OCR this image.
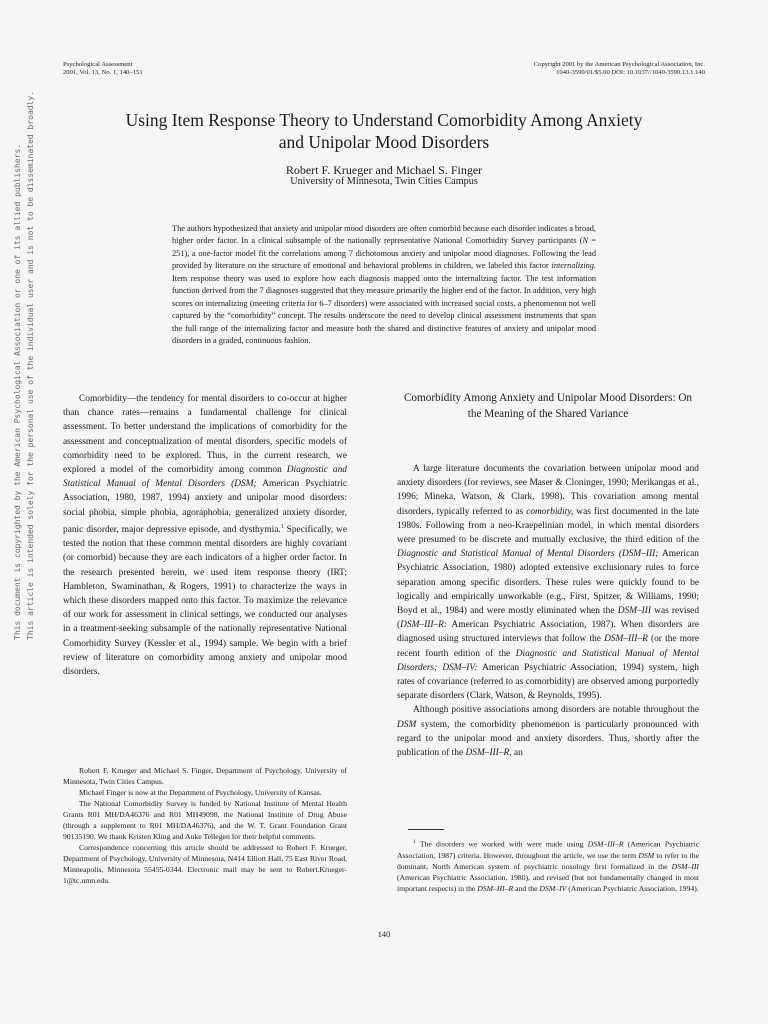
Psychological Assessment
2001, Vol. 13, No. 1, 140–151
Copyright 2001 by the American Psychological Association, Inc.
1040-3590/01/$5.00 DOI: 10.1037//1040-3590.13.1.140
Using Item Response Theory to Understand Comorbidity Among Anxiety and Unipolar Mood Disorders
Robert F. Krueger and Michael S. Finger
University of Minnesota, Twin Cities Campus
The authors hypothesized that anxiety and unipolar mood disorders are often comorbid because each disorder indicates a broad, higher order factor. In a clinical subsample of the nationally representative National Comorbidity Survey participants (N = 251), a one-factor model fit the correlations among 7 dichotomous anxiety and unipolar mood diagnoses. Following the lead provided by literature on the structure of emotional and behavioral problems in children, we labeled this factor internalizing. Item response theory was used to explore how each diagnosis mapped onto the internalizing factor. The test information function derived from the 7 diagnoses suggested that they measure primarily the higher end of the factor. In addition, very high scores on internalizing (meeting criteria for 6–7 disorders) were associated with increased social costs, a phenomenon not well captured by the “comorbidity” concept. The results underscore the need to develop clinical assessment instruments that span the full range of the internalizing factor and measure both the shared and distinctive features of anxiety and unipolar mood disorders in a graded, continuous fashion.
This document is copyrighted by the American Psychological Association or one of its allied publishers. This article is intended solely for the personal use of the individual user and is not to be disseminated broadly.	Comorbidity—the tendency for mental disorders to co-occur at higher than chance rates—remains a fundamental challenge for clinical assessment. To better understand the implications of comorbidity for the assessment and conceptualization of mental disorders, specific models of comorbidity need to be explored. Thus, in the current research, we explored a model of the comorbidity among common Diagnostic and Statistical Manual of Mental Disorders (DSM; American Psychiatric Association, 1980, 1987, 1994) anxiety and unipolar mood disorders: social phobia, simple phobia, agoraphobia, generalized anxiety disorder, panic disorder, major depressive episode, and dysthymia.$^1$ Specifically, we tested the notion that these common mental disorders are highly covariant (or comorbid) because they are each indicators of a higher order factor. In the research presented herein, we used item response theory (IRT; Hambleton, Swaminathan, & Rogers, 1991) to characterize the ways in which these disorders mapped onto this factor. To maximize the relevance of our work for assessment in clinical settings, we conducted our analyses in a treatment-seeking subsample of the nationally representative National Comorbidity Survey (Kessler et al., 1994) sample. We begin with a brief review of literature on comorbidity among anxiety and unipolar mood disorders.

Robert F. Krueger and Michael S. Finger, Department of Psychology, University of Minnesota, Twin Cities Campus.

Michael Finger is now at the Department of Psychology, University of Kansas.

The National Comorbidity Survey is funded by National Institute of Mental Health Grants R01 MH/DA46376 and R01 MH49098, the National Institute of Drug Abuse (through a supplement to R01 MH/DA46376), and the W. T. Grant Foundation Grant 90135190. We thank Kristen Kling and Auke Tellegen for their helpful comments.

Correspondence concerning this article should be addressed to Robert F. Krueger, Department of Psychology, University of Minnesota, N414 Elliott Hall, 75 East River Road, Minneapolis, Minnesota 55455-0344. Electronic mail may be sent to Robert.Krueger-1@tc.umn.edu.

Comorbidity Among Anxiety and Unipolar Mood Disorders: On the Meaning of the Shared Variance

A large literature documents the covariation between unipolar mood and anxiety disorders (for reviews, see Maser & Cloninger, 1990; Merikangas et al., 1996; Mineka, Watson, & Clark, 1998). This covariation among mental disorders, typically referred to as comorbidity, was first documented in the late 1980s. Following from a neo-Kraepelinian model, in which mental disorders were presumed to be discrete and mutually exclusive, the third edition of the Diagnostic and Statistical Manual of Mental Disorders (DSM–III; American Psychiatric Association, 1980) adopted extensive exclusionary rules to force separation among specific disorders. These rules were quickly found to be logically and empirically unworkable (e.g., First, Spitzer, & Williams, 1990; Boyd et al., 1984) and were mostly eliminated when the DSM–III was revised (DSM–III–R: American Psychiatric Association, 1987). When disorders are diagnosed using structured interviews that follow the DSM–III–R (or the more recent fourth edition of the Diagnostic and Statistical Manual of Mental Disorders; DSM–IV: American Psychiatric Association, 1994) system, high rates of covariance (referred to as comorbidity) are observed among purportedly separate disorders (Clark, Watson, & Reynolds, 1995).

Although positive associations among disorders are notable throughout the DSM system, the comorbidity phenomenon is particularly pronounced with regard to the unipolar mood and anxiety disorders. Thus, shortly after the publication of the DSM–III–R, an

$^1$ The disorders we worked with were made using DSM–III–R (American Psychiatric Association, 1987) criteria. However, throughout the article, we use the term DSM to refer to the dominant, North American system of psychiatric nosology first formalized in the DSM–III (American Psychiatric Association, 1980), and revised (but not fundamentally changed in most important respects) in the DSM–III–R and the DSM–IV (American Psychiatric Association, 1994).

140
